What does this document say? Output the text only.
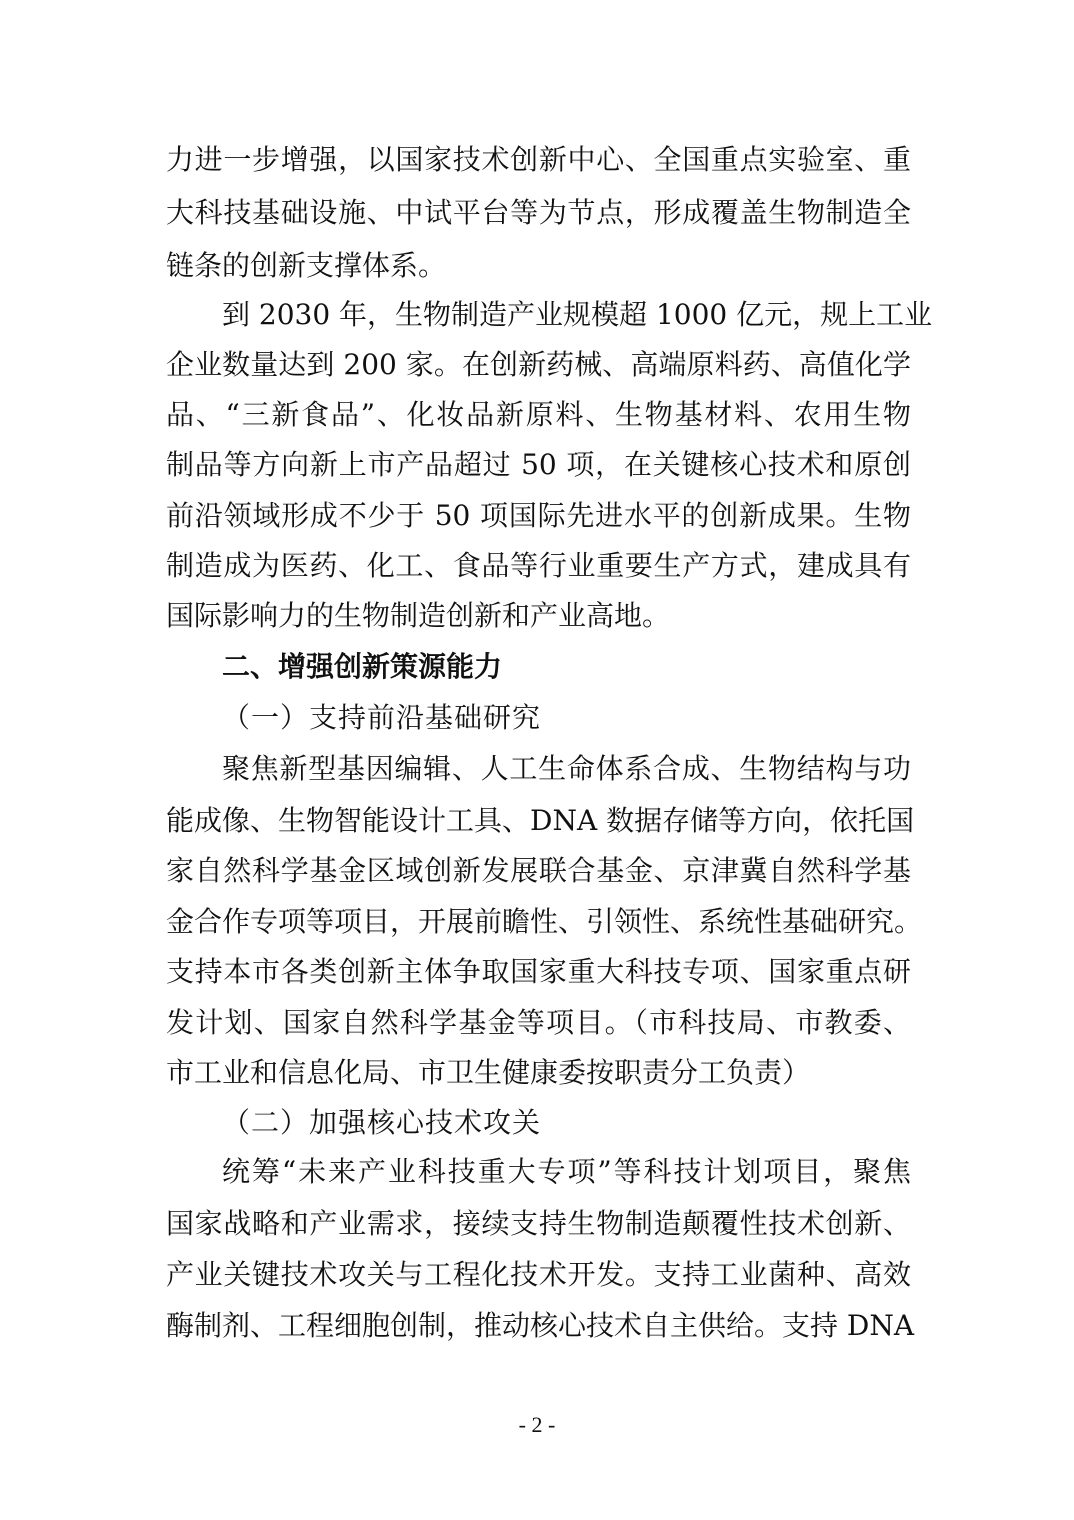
力进一步增强，以国家技术创新中心、全国重点实验室、重
大科技基础设施、中试平台等为节点，形成覆盖生物制造全
链条的创新支撑体系。
到 2030 年，生物制造产业规模超 1000 亿元，规上工业
企业数量达到 200 家。在创新药械、高端原料药、高值化学
品、“三新食品”、化妆品新原料、生物基材料、农用生物
制品等方向新上市产品超过 50 项，在关键核心技术和原创
前沿领域形成不少于 50 项国际先进水平的创新成果。生物
制造成为医药、化工、食品等行业重要生产方式，建成具有
国际影响力的生物制造创新和产业高地。
二、增强创新策源能力
（一）支持前沿基础研究
聚焦新型基因编辑、人工生命体系合成、生物结构与功
能成像、生物智能设计工具、DNA 数据存储等方向，依托国
家自然科学基金区域创新发展联合基金、京津冀自然科学基
金合作专项等项目，开展前瞻性、引领性、系统性基础研究。
支持本市各类创新主体争取国家重大科技专项、国家重点研
发计划、国家自然科学基金等项目。（市科技局、市教委、
市工业和信息化局、市卫生健康委按职责分工负责）
（二）加强核心技术攻关
统筹“未来产业科技重大专项”等科技计划项目，聚焦
国家战略和产业需求，接续支持生物制造颠覆性技术创新、
产业关键技术攻关与工程化技术开发。支持工业菌种、高效
酶制剂、工程细胞创制，推动核心技术自主供给。支持 DNA
- 2 -
